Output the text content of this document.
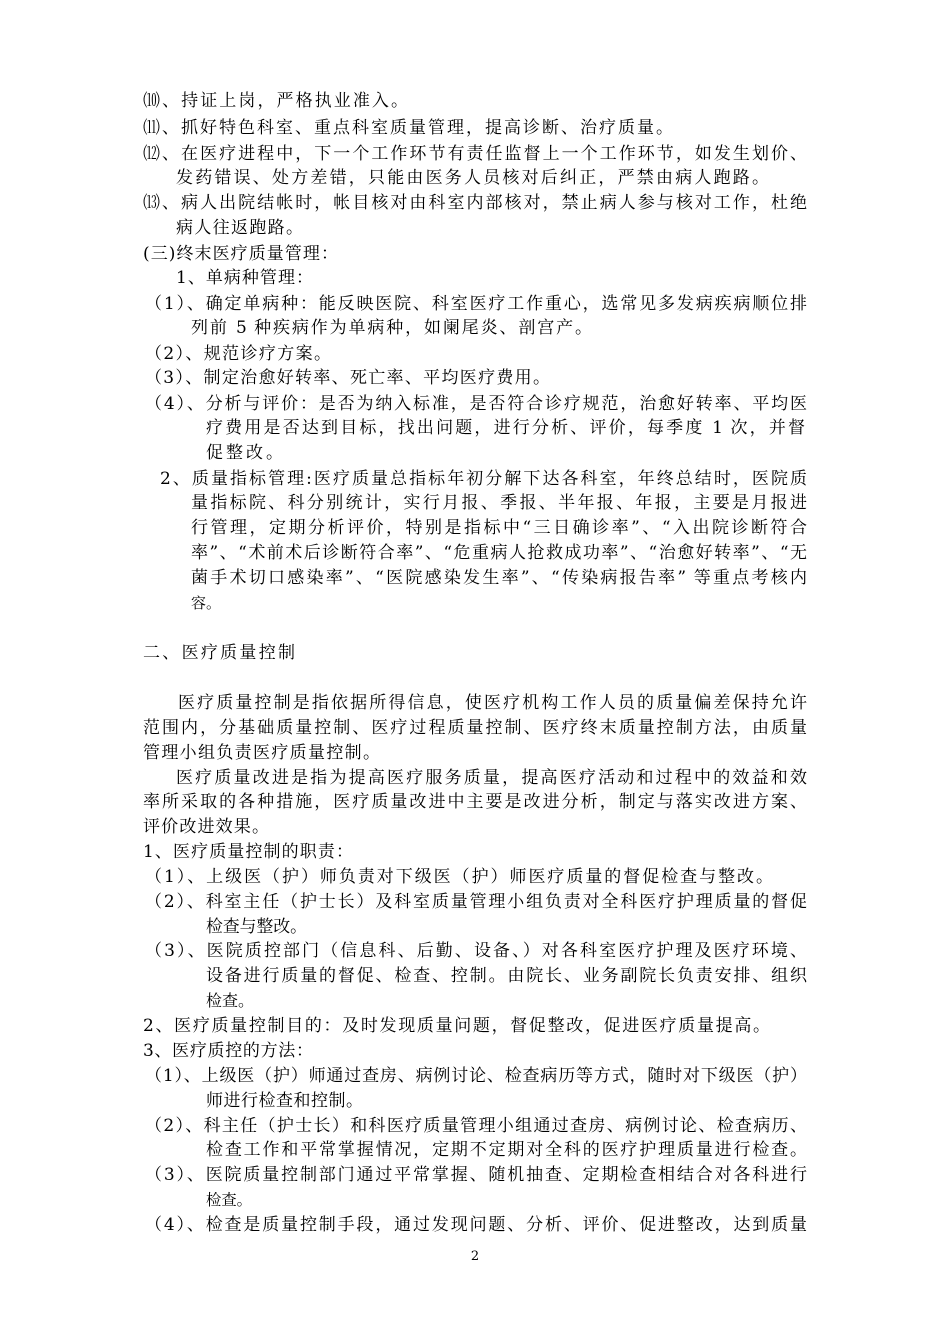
⑽、持证上岗，严格执业准入。
⑾、抓好特色科室、重点科室质量管理，提高诊断、治疗质量。
⑿、在医疗进程中，下一个工作环节有责任监督上一个工作环节，如发生划价、
发药错误、处方差错，只能由医务人员核对后纠正，严禁由病人跑路。
⒀、病人出院结帐时，帐目核对由科室内部核对，禁止病人参与核对工作，杜绝
病人往返跑路。
(三)终末医疗质量管理：
1、单病种管理：
（1）、确定单病种：能反映医院、科室医疗工作重心，选常见多发病疾病顺位排
列前 5 种疾病作为单病种，如阑尾炎、剖宫产。
（2）、规范诊疗方案。
（3）、制定治愈好转率、死亡率、平均医疗费用。
（4）、分析与评价：是否为纳入标准，是否符合诊疗规范，治愈好转率、平均医
疗费用是否达到目标，找出问题，进行分析、评价，每季度 1 次，并督
促整改。
2、质量指标管理:医疗质量总指标年初分解下达各科室，年终总结时，医院质
量指标院、科分别统计，实行月报、季报、半年报、年报，主要是月报进
行管理，定期分析评价，特别是指标中“三日确诊率”、“入出院诊断符合
率”、“术前术后诊断符合率”、“危重病人抢救成功率”、“治愈好转率”、“无
菌手术切口感染率”、“医院感染发生率”、“传染病报告率” 等重点考核内
容。
二、医疗质量控制
医疗质量控制是指依据所得信息，使医疗机构工作人员的质量偏差保持允许
范围内，分基础质量控制、医疗过程质量控制、医疗终末质量控制方法，由质量
管理小组负责医疗质量控制。
医疗质量改进是指为提高医疗服务质量，提高医疗活动和过程中的效益和效
率所采取的各种措施，医疗质量改进中主要是改进分析，制定与落实改进方案、
评价改进效果。
1、医疗质量控制的职责：
（1）、上级医（护）师负责对下级医（护）师医疗质量的督促检查与整改。
（2）、科室主任（护士长）及科室质量管理小组负责对全科医疗护理质量的督促
检查与整改。
（3）、医院质控部门（信息科、后勤、设备、）对各科室医疗护理及医疗环境、
设备进行质量的督促、检查、控制。由院长、业务副院长负责安排、组织
检查。
2、医疗质量控制目的：及时发现质量问题，督促整改，促进医疗质量提高。
3、医疗质控的方法：
（1）、上级医（护）师通过查房、病例讨论、检查病历等方式，随时对下级医（护）
师进行检查和控制。
（2）、科主任（护士长）和科医疗质量管理小组通过查房、病例讨论、检查病历、
检查工作和平常掌握情况，定期不定期对全科的医疗护理质量进行检查。
（3）、医院质量控制部门通过平常掌握、随机抽查、定期检查相结合对各科进行
检查。
（4）、检查是质量控制手段，通过发现问题、分析、评价、促进整改，达到质量
2
